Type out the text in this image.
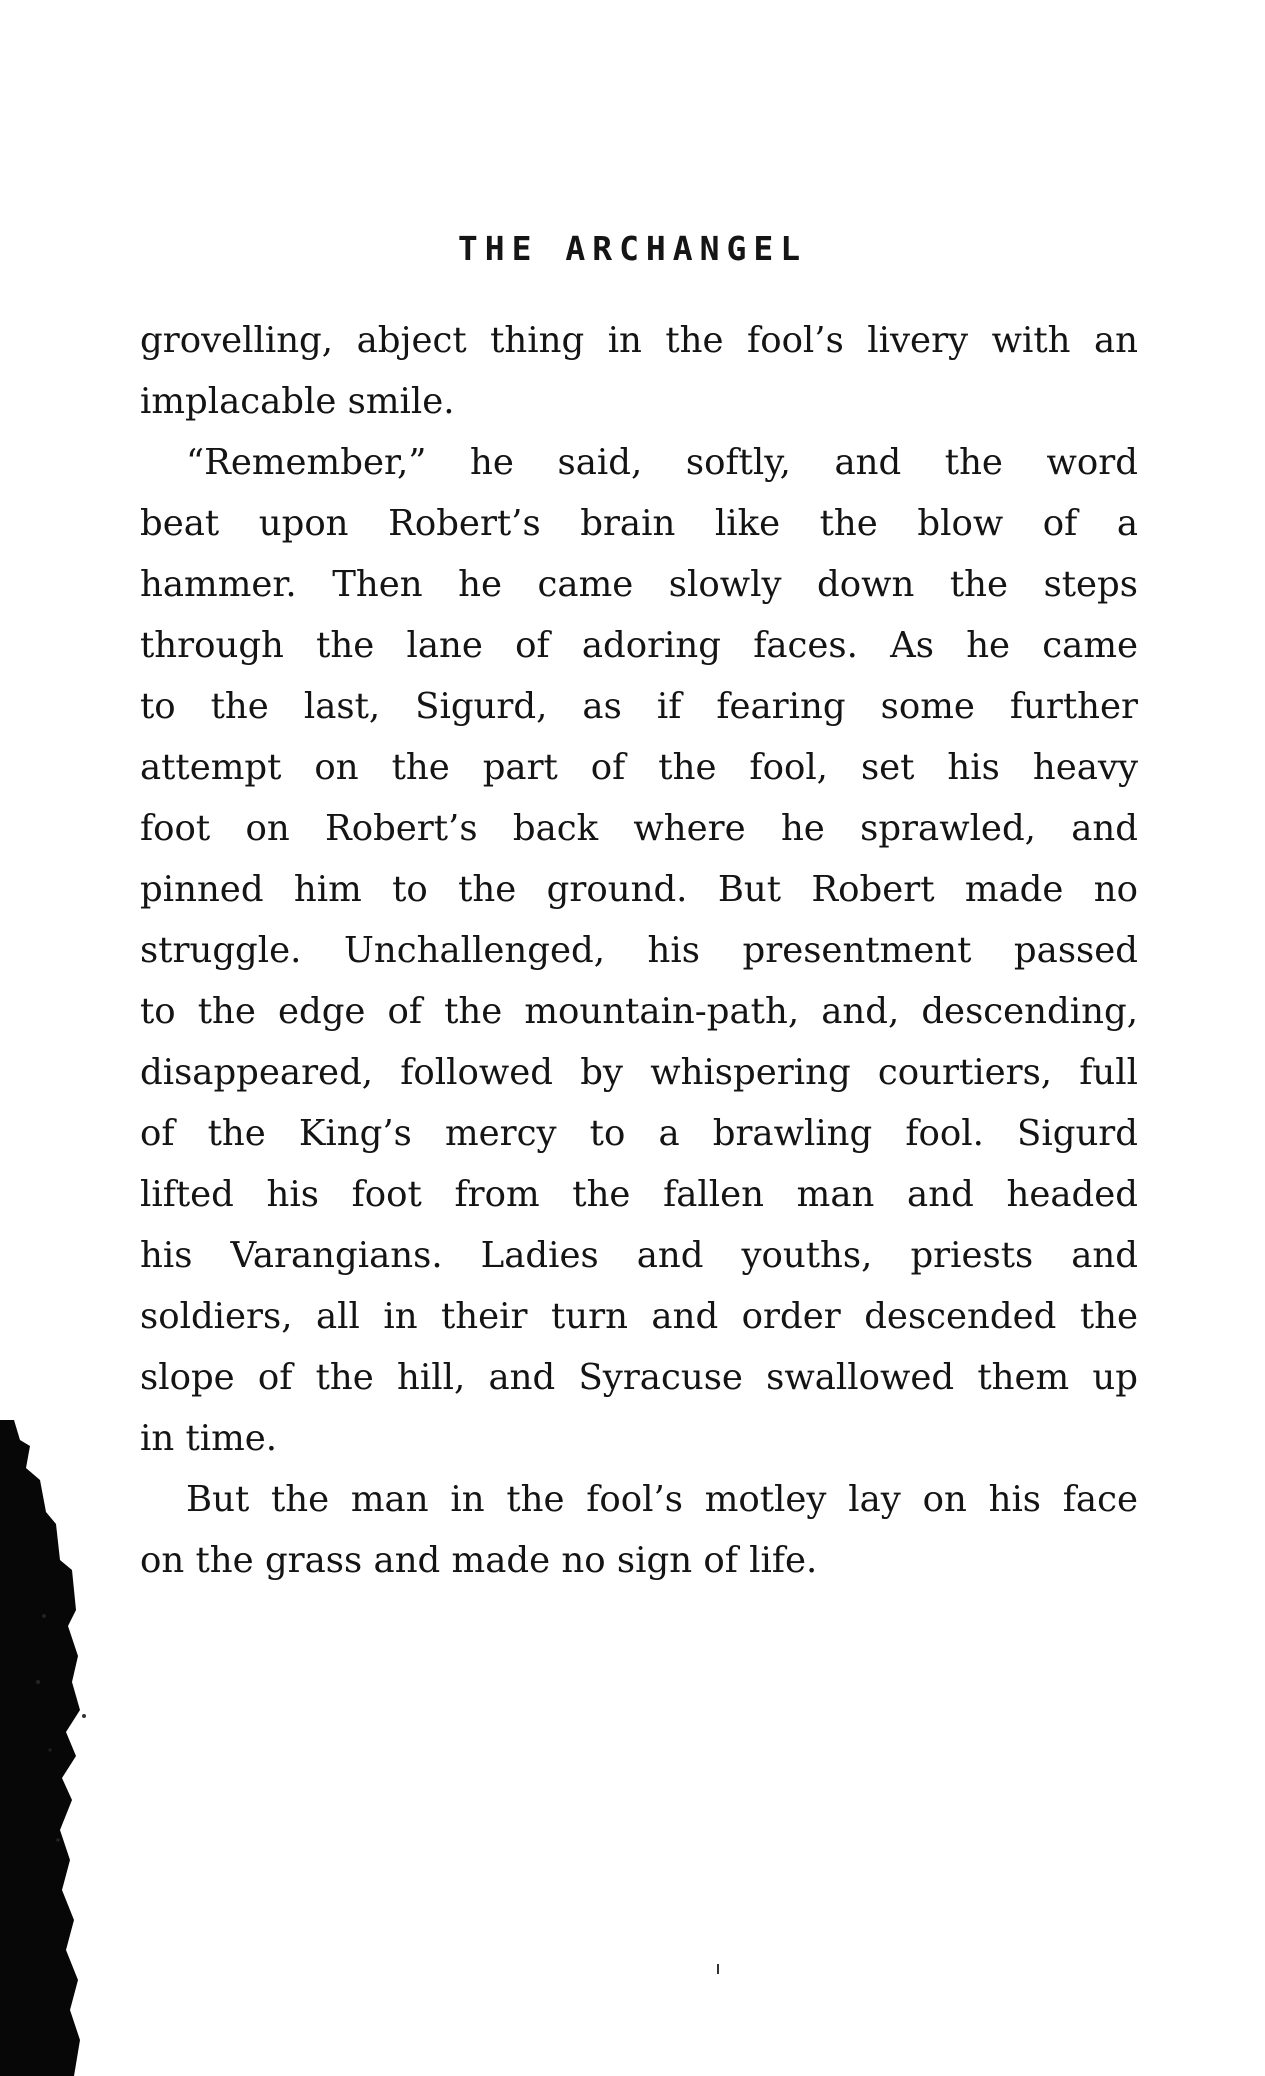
THE ARCHANGEL

grovelling, abject thing in the fool’s livery with an
implacable smile.

“Remember,” he said, softly, and the word
beat upon Robert’s brain like the blow of a
hammer. Then he came slowly down the steps
through the lane of adoring faces. As he came
to the last, Sigurd, as if fearing some further
attempt on the part of the fool, set his heavy
foot on Robert’s back where he sprawled, and
pinned him to the ground. But Robert made no
struggle. Unchallenged, his presentment passed
to the edge of the mountain-path, and, descending,
disappeared, followed by whispering courtiers, full
of the King’s mercy to a brawling fool. Sigurd
lifted his foot from the fallen man and headed
his Varangians. Ladies and youths, priests and
soldiers, all in their turn and order descended the
slope of the hill, and Syracuse swallowed them up
in time.

But the man in the fool’s motley lay on his face
on the grass and made no sign of life.
